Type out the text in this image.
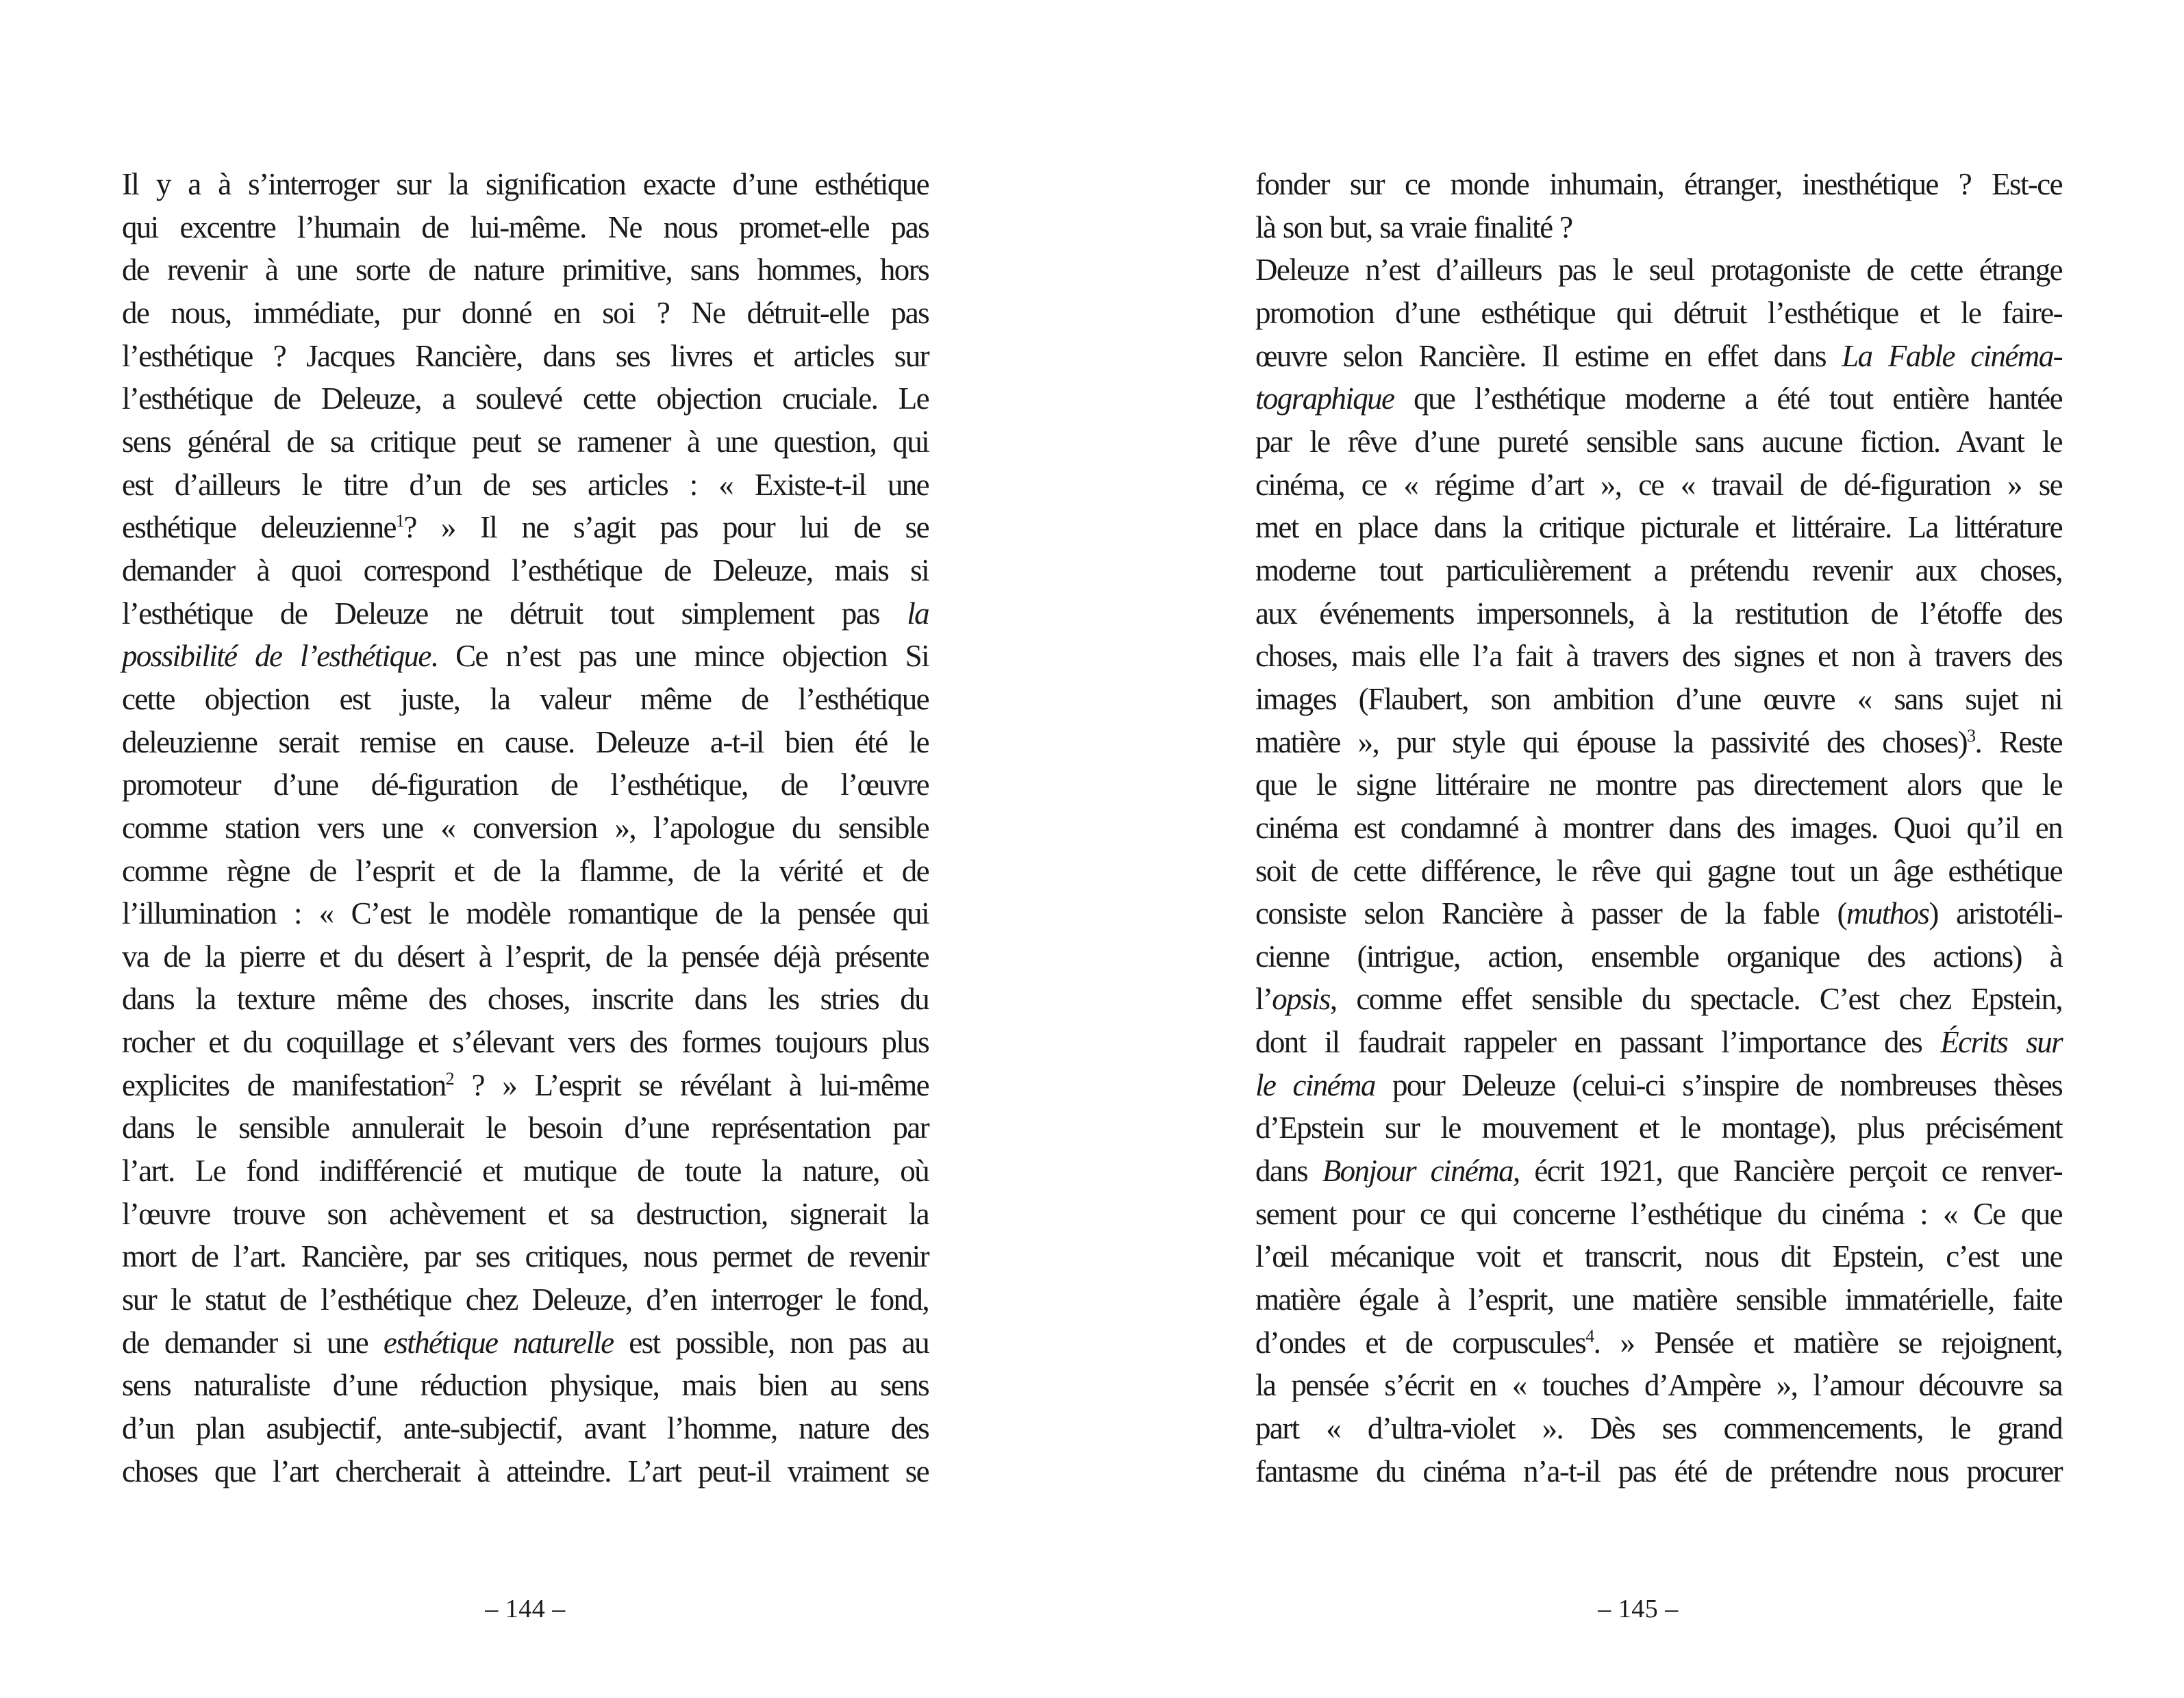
Il y a à s’interroger sur la signification exacte d’une esthétique
qui excentre l’humain de lui-même. Ne nous promet-elle pas
de revenir à une sorte de nature primitive, sans hommes, hors
de nous, immédiate, pur donné en soi ? Ne détruit-elle pas
l’esthétique ? Jacques Rancière, dans ses livres et articles sur
l’esthétique de Deleuze, a soulevé cette objection cruciale. Le
sens général de sa critique peut se ramener à une question, qui
est d’ailleurs le titre d’un de ses articles : « Existe-t-il une
esthétique deleuzienne$^1$? » Il ne s’agit pas pour lui de se
demander à quoi correspond l’esthétique de Deleuze, mais si
l’esthétique de Deleuze ne détruit tout simplement pas la
possibilité de l’esthétique. Ce n’est pas une mince objection Si
cette objection est juste, la valeur même de l’esthétique
deleuzienne serait remise en cause. Deleuze a-t-il bien été le
promoteur d’une dé-figuration de l’esthétique, de l’œuvre
comme station vers une « conversion », l’apologue du sensible
comme règne de l’esprit et de la flamme, de la vérité et de
l’illumination : « C’est le modèle romantique de la pensée qui
va de la pierre et du désert à l’esprit, de la pensée déjà présente
dans la texture même des choses, inscrite dans les stries du
rocher et du coquillage et s’élevant vers des formes toujours plus
explicites de manifestation$^2$ ? » L’esprit se révélant à lui-même
dans le sensible annulerait le besoin d’une représentation par
l’art. Le fond indifférencié et mutique de toute la nature, où
l’œuvre trouve son achèvement et sa destruction, signerait la
mort de l’art. Rancière, par ses critiques, nous permet de revenir
sur le statut de l’esthétique chez Deleuze, d’en interroger le fond,
de demander si une esthétique naturelle est possible, non pas au
sens naturaliste d’une réduction physique, mais bien au sens
d’un plan asubjectif, ante-subjectif, avant l’homme, nature des
choses que l’art chercherait à atteindre. L’art peut-il vraiment se
– 144 –
fonder sur ce monde inhumain, étranger, inesthétique ? Est-ce
là son but, sa vraie finalité ?
Deleuze n’est d’ailleurs pas le seul protagoniste de cette étrange
promotion d’une esthétique qui détruit l’esthétique et le faire-
œuvre selon Rancière. Il estime en effet dans La Fable cinéma-
tographique que l’esthétique moderne a été tout entière hantée
par le rêve d’une pureté sensible sans aucune fiction. Avant le
cinéma, ce « régime d’art », ce « travail de dé-figuration » se
met en place dans la critique picturale et littéraire. La littérature
moderne tout particulièrement a prétendu revenir aux choses,
aux événements impersonnels, à la restitution de l’étoffe des
choses, mais elle l’a fait à travers des signes et non à travers des
images (Flaubert, son ambition d’une œuvre « sans sujet ni
matière », pur style qui épouse la passivité des choses)$^3$. Reste
que le signe littéraire ne montre pas directement alors que le
cinéma est condamné à montrer dans des images. Quoi qu’il en
soit de cette différence, le rêve qui gagne tout un âge esthétique
consiste selon Rancière à passer de la fable (muthos) aristotéli-
cienne (intrigue, action, ensemble organique des actions) à
l’opsis, comme effet sensible du spectacle. C’est chez Epstein,
dont il faudrait rappeler en passant l’importance des Écrits sur
le cinéma pour Deleuze (celui-ci s’inspire de nombreuses thèses
d’Epstein sur le mouvement et le montage), plus précisément
dans Bonjour cinéma, écrit 1921, que Rancière perçoit ce renver-
sement pour ce qui concerne l’esthétique du cinéma : « Ce que
l’œil mécanique voit et transcrit, nous dit Epstein, c’est une
matière égale à l’esprit, une matière sensible immatérielle, faite
d’ondes et de corpuscules$^4$. » Pensée et matière se rejoignent,
la pensée s’écrit en « touches d’Ampère », l’amour découvre sa
part « d’ultra-violet ». Dès ses commencements, le grand
fantasme du cinéma n’a-t-il pas été de prétendre nous procurer
– 145 –
